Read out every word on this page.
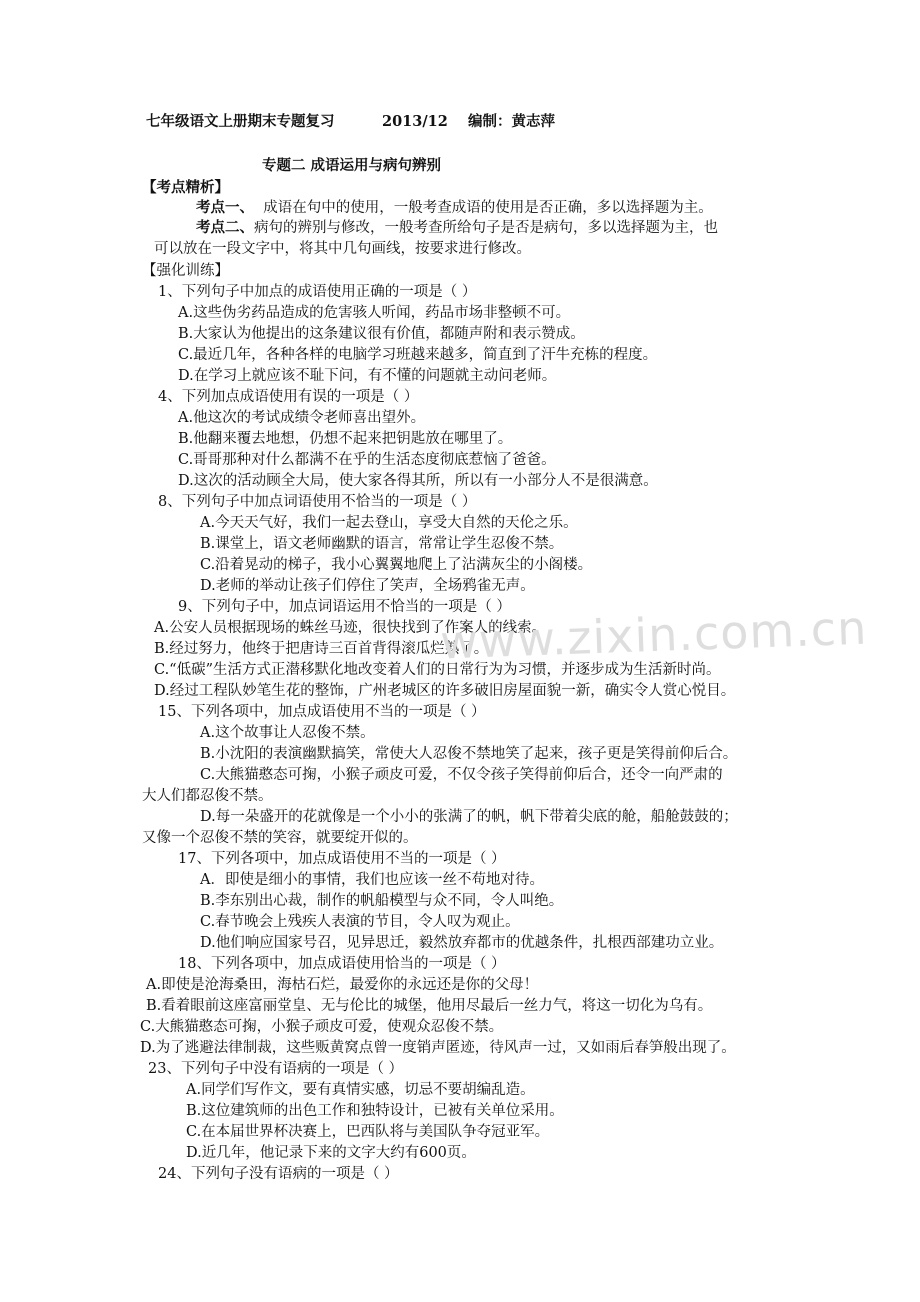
七年级语文上册期末专题复习	2013/12 编制：黄志萍
专题二 成语运用与病句辨别
【考点精析】
考点一、 成语在句中的使用，一般考查成语的使用是否正确，多以选择题为主。
考点二、病句的辨别与修改，一般考查所给句子是否是病句，多以选择题为主，也
可以放在一段文字中，将其中几句画线，按要求进行修改。
【强化训练】
1、下列句子中加点的成语使用正确的一项是（ ）
A.这些伪劣药品造成的危害骇人听闻，药品市场非整顿不可。
B.大家认为他提出的这条建议很有价值，都随声附和表示赞成。
C.最近几年，各种各样的电脑学习班越来越多，简直到了汗牛充栋的程度。
D.在学习上就应该不耻下问，有不懂的问题就主动问老师。
4、下列加点成语使用有误的一项是（ ）
A.他这次的考试成绩令老师喜出望外。
B.他翻来覆去地想，仍想不起来把钥匙放在哪里了。
C.哥哥那种对什么都满不在乎的生活态度彻底惹恼了爸爸。
D.这次的活动顾全大局，使大家各得其所，所以有一小部分人不是很满意。
8、下列句子中加点词语使用不恰当的一项是（ ）
A.今天天气好，我们一起去登山，享受大自然的天伦之乐。
B.课堂上，语文老师幽默的语言，常常让学生忍俊不禁。
C.沿着晃动的梯子，我小心翼翼地爬上了沾满灰尘的小阁楼。
D.老师的举动让孩子们停住了笑声，全场鸦雀无声。
9、下列句子中，加点词语运用不恰当的一项是（ ）
A.公安人员根据现场的蛛丝马迹，很快找到了作案人的线索。
B.经过努力，他终于把唐诗三百首背得滚瓜烂熟了。
C.“低碳”生活方式正潜移默化地改变着人们的日常行为为习惯，并逐步成为生活新时尚。
D.经过工程队妙笔生花的整饰，广州老城区的许多破旧房屋面貌一新，确实令人赏心悦目。
15、下列各项中，加点成语使用不当的一项是（ ）
A.这个故事让人忍俊不禁。
B.小沈阳的表演幽默搞笑，常使大人忍俊不禁地笑了起来，孩子更是笑得前仰后合。
C.大熊猫憨态可掬，小猴子顽皮可爱，不仅令孩子笑得前仰后合，还令一向严肃的
大人们都忍俊不禁。
D.每一朵盛开的花就像是一个小小的张满了的帆，帆下带着尖底的舱，船舱鼓鼓的；
又像一个忍俊不禁的笑容，就要绽开似的。
17、下列各项中，加点成语使用不当的一项是（ ）
A．即使是细小的事情，我们也应该一丝不苟地对待。
B.李东别出心裁，制作的帆船模型与众不同，令人叫绝。
C.春节晚会上残疾人表演的节目，令人叹为观止。
D.他们响应国家号召，见异思迁，毅然放弃都市的优越条件，扎根西部建功立业。
18、下列各项中，加点成语使用恰当的一项是（ ）
A.即使是沧海桑田，海枯石烂，最爱你的永远还是你的父母！
B.看着眼前这座富丽堂皇、无与伦比的城堡，他用尽最后一丝力气，将这一切化为乌有。
C.大熊猫憨态可掬，小猴子顽皮可爱，使观众忍俊不禁。
D.为了逃避法律制裁，这些贩黄窝点曾一度销声匿迹，待风声一过，又如雨后春笋般出现了。
23、下列句子中没有语病的一项是（ ）
A.同学们写作文，要有真情实感，切忌不要胡编乱造。
B.这位建筑师的出色工作和独特设计，已被有关单位采用。
C.在本届世界杯决赛上，巴西队将与美国队争夺冠亚军。
D.近几年，他记录下来的文字大约有600页。
24、下列句子没有语病的一项是（ ）
www.zixin.com.cn
